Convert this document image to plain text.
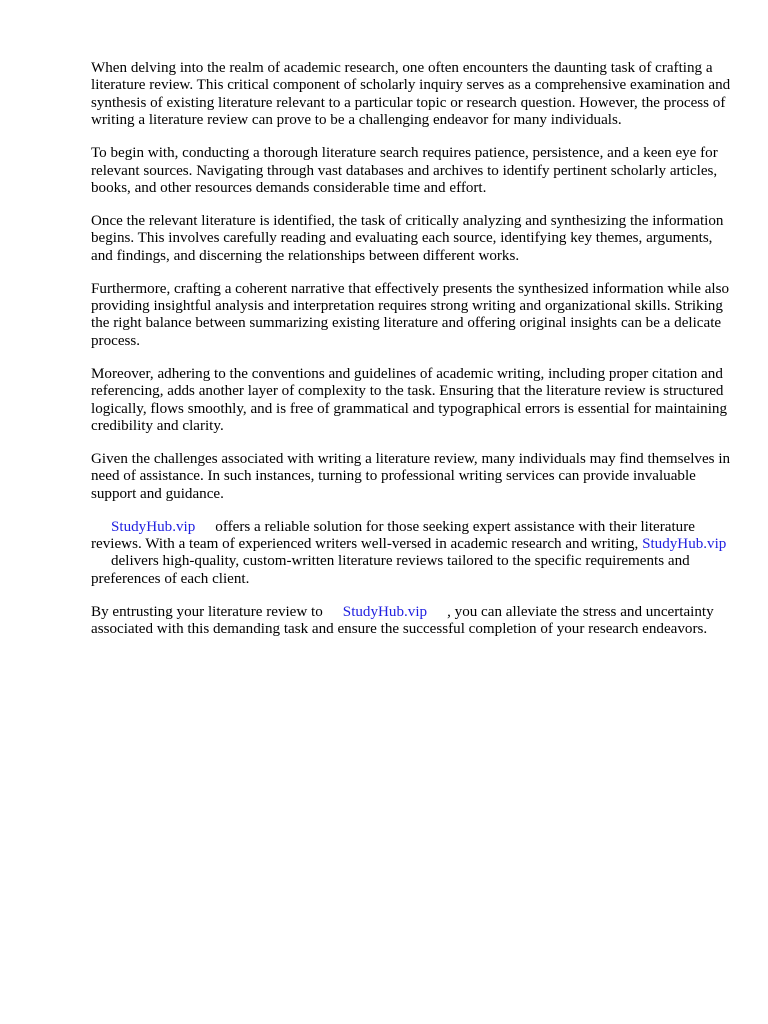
When delving into the realm of academic research, one often encounters the daunting task of crafting a literature review. This critical component of scholarly inquiry serves as a comprehensive examination and synthesis of existing literature relevant to a particular topic or research question. However, the process of writing a literature review can prove to be a challenging endeavor for many individuals.

To begin with, conducting a thorough literature search requires patience, persistence, and a keen eye for relevant sources. Navigating through vast databases and archives to identify pertinent scholarly articles, books, and other resources demands considerable time and effort.

Once the relevant literature is identified, the task of critically analyzing and synthesizing the information begins. This involves carefully reading and evaluating each source, identifying key themes, arguments, and findings, and discerning the relationships between different works.

Furthermore, crafting a coherent narrative that effectively presents the synthesized information while also providing insightful analysis and interpretation requires strong writing and organizational skills. Striking the right balance between summarizing existing literature and offering original insights can be a delicate process.

Moreover, adhering to the conventions and guidelines of academic writing, including proper citation and referencing, adds another layer of complexity to the task. Ensuring that the literature review is structured logically, flows smoothly, and is free of grammatical and typographical errors is essential for maintaining credibility and clarity.

Given the challenges associated with writing a literature review, many individuals may find themselves in need of assistance. In such instances, turning to professional writing services can provide invaluable support and guidance.

StudyHub.vip offers a reliable solution for those seeking expert assistance with their literature reviews. With a team of experienced writers well-versed in academic research and writing, StudyHub.vipdelivers high-quality, custom-written literature reviews tailored to the specific requirements and preferences of each client.

By entrusting your literature review to StudyHub.vip , you can alleviate the stress and uncertainty associated with this demanding task and ensure the successful completion of your research endeavors.
